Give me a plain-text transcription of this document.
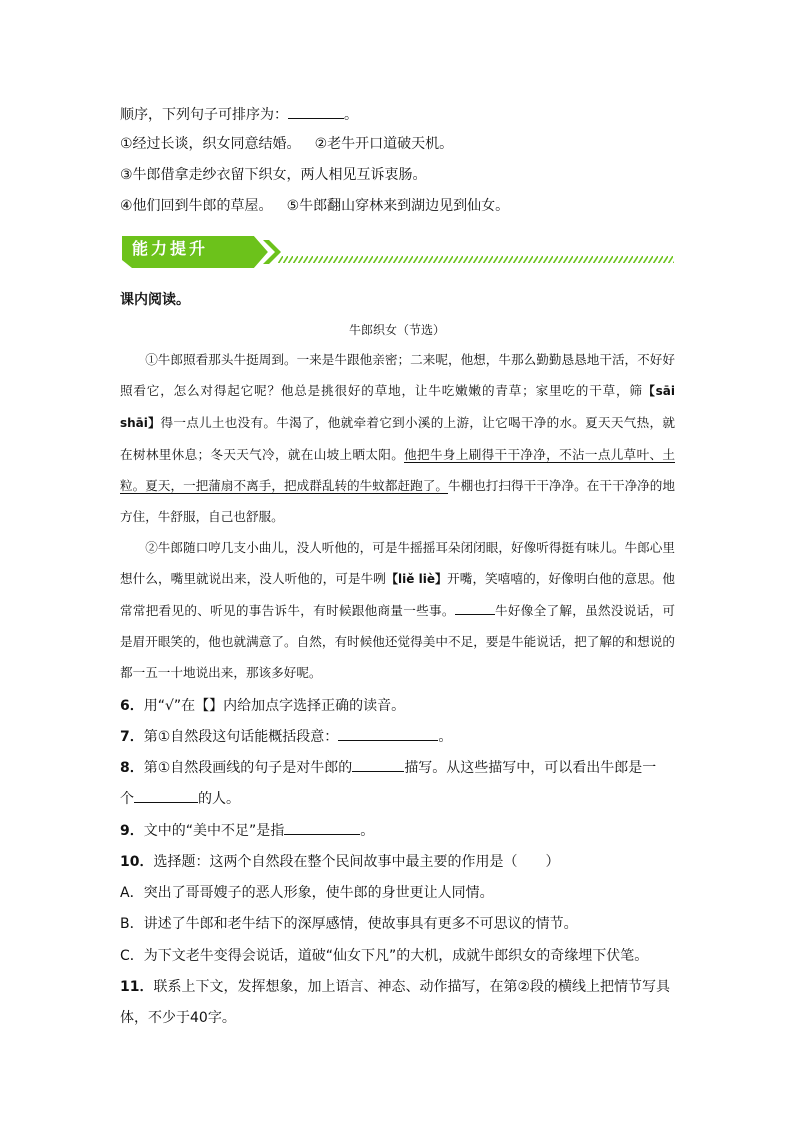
顺序，下列句子可排序为：	。
①经过长谈，织女同意结婚。 ②老牛开口道破天机。
③牛郎借拿走纱衣留下织女，两人相见互诉衷肠。
④他们回到牛郎的草屋。 ⑤牛郎翻山穿林来到湖边见到仙女。
能力提升
课内阅读。
牛郎织女（节选）
①牛郎照看那头牛挺周到。一来是牛跟他亲密；二来呢，他想，牛那么勤勤恳恳地干活，不好好照看它，怎么对得起它呢？他总是挑很好的草地，让牛吃嫩嫩的青草；家里吃的干草，筛【sāi shāi】得一点儿土也没有。牛渴了，他就牵着它到小溪的上游，让它喝干净的水。夏天天气热，就在树林里休息；冬天天气冷，就在山坡上晒太阳。他把牛身上刷得干干净净，不沾一点儿草叶、土粒。夏天，一把蒲扇不离手，把成群乱转的牛蚊都赶跑了。牛棚也打扫得干干净净。在干干净净的地方住，牛舒服，自己也舒服。
②牛郎随口哼几支小曲儿，没人听他的，可是牛摇摇耳朵闭闭眼，好像听得挺有味儿。牛郎心里想什么，嘴里就说出来，没人听他的，可是牛咧【liě liè】开嘴，笑嘻嘻的，好像明白他的意思。他常常把看见的、听见的事告诉牛，有时候跟他商量一些事。	牛好像全了解，虽然没说话，可是眉开眼笑的，他也就满意了。自然，有时候他还觉得美中不足，要是牛能说话，把了解的和想说的都一五一十地说出来，那该多好呢。
6．用“√”在【】内给加点字选择正确的读音。
7．第①自然段这句话能概括段意：	。
8．第①自然段画线的句子是对牛郎的	描写。从这些描写中，可以看出牛郎是一
个	的人。
9．文中的“美中不足”是指	。
10．选择题：这两个自然段在整个民间故事中最主要的作用是（　　）
A．突出了哥哥嫂子的恶人形象，使牛郎的身世更让人同情。
B．讲述了牛郎和老牛结下的深厚感情，使故事具有更多不可思议的情节。
C．为下文老牛变得会说话，道破“仙女下凡”的大机，成就牛郎织女的奇缘埋下伏笔。
11．联系上下文，发挥想象，加上语言、神态、动作描写，在第②段的横线上把情节写具
体，不少于40字。
